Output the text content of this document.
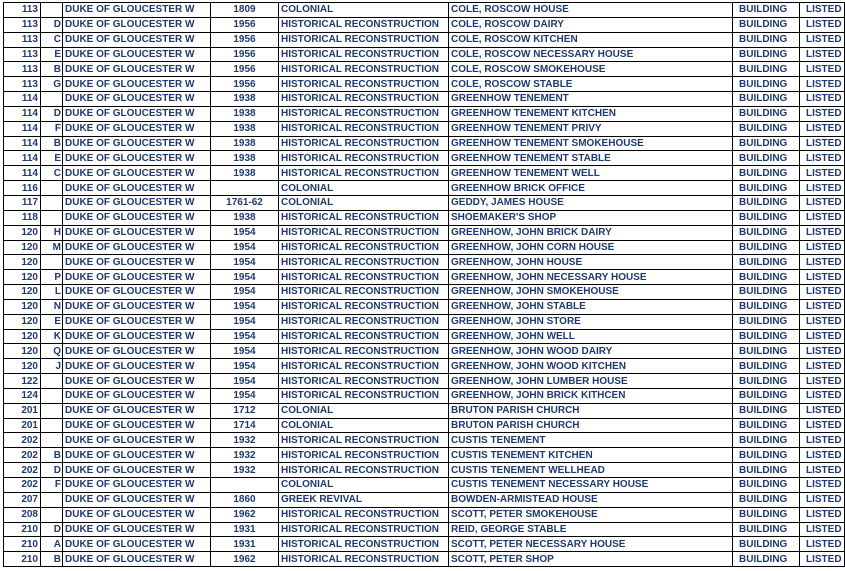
113		DUKE OF GLOUCESTER W	1809	COLONIAL	COLE, ROSCOW HOUSE	BUILDING	LISTED
113	D	DUKE OF GLOUCESTER W	1956	HISTORICAL RECONSTRUCTION	COLE, ROSCOW DAIRY	BUILDING	LISTED
113	C	DUKE OF GLOUCESTER W	1956	HISTORICAL RECONSTRUCTION	COLE, ROSCOW KITCHEN	BUILDING	LISTED
113	E	DUKE OF GLOUCESTER W	1956	HISTORICAL RECONSTRUCTION	COLE, ROSCOW NECESSARY HOUSE	BUILDING	LISTED
113	B	DUKE OF GLOUCESTER W	1956	HISTORICAL RECONSTRUCTION	COLE, ROSCOW SMOKEHOUSE	BUILDING	LISTED
113	G	DUKE OF GLOUCESTER W	1956	HISTORICAL RECONSTRUCTION	COLE, ROSCOW STABLE	BUILDING	LISTED
114		DUKE OF GLOUCESTER W	1938	HISTORICAL RECONSTRUCTION	GREENHOW TENEMENT	BUILDING	LISTED
114	D	DUKE OF GLOUCESTER W	1938	HISTORICAL RECONSTRUCTION	GREENHOW TENEMENT KITCHEN	BUILDING	LISTED
114	F	DUKE OF GLOUCESTER W	1938	HISTORICAL RECONSTRUCTION	GREENHOW TENEMENT PRIVY	BUILDING	LISTED
114	B	DUKE OF GLOUCESTER W	1938	HISTORICAL RECONSTRUCTION	GREENHOW TENEMENT SMOKEHOUSE	BUILDING	LISTED
114	E	DUKE OF GLOUCESTER W	1938	HISTORICAL RECONSTRUCTION	GREENHOW TENEMENT STABLE	BUILDING	LISTED
114	C	DUKE OF GLOUCESTER W	1938	HISTORICAL RECONSTRUCTION	GREENHOW TENEMENT WELL	BUILDING	LISTED
116		DUKE OF GLOUCESTER W		COLONIAL	GREENHOW BRICK OFFICE	BUILDING	LISTED
117		DUKE OF GLOUCESTER W	1761-62	COLONIAL	GEDDY, JAMES HOUSE	BUILDING	LISTED
118		DUKE OF GLOUCESTER W	1938	HISTORICAL RECONSTRUCTION	SHOEMAKER'S SHOP	BUILDING	LISTED
120	H	DUKE OF GLOUCESTER W	1954	HISTORICAL RECONSTRUCTION	GREENHOW, JOHN BRICK DAIRY	BUILDING	LISTED
120	M	DUKE OF GLOUCESTER W	1954	HISTORICAL RECONSTRUCTION	GREENHOW, JOHN CORN HOUSE	BUILDING	LISTED
120		DUKE OF GLOUCESTER W	1954	HISTORICAL RECONSTRUCTION	GREENHOW, JOHN HOUSE	BUILDING	LISTED
120	P	DUKE OF GLOUCESTER W	1954	HISTORICAL RECONSTRUCTION	GREENHOW, JOHN NECESSARY HOUSE	BUILDING	LISTED
120	L	DUKE OF GLOUCESTER W	1954	HISTORICAL RECONSTRUCTION	GREENHOW, JOHN SMOKEHOUSE	BUILDING	LISTED
120	N	DUKE OF GLOUCESTER W	1954	HISTORICAL RECONSTRUCTION	GREENHOW, JOHN STABLE	BUILDING	LISTED
120	E	DUKE OF GLOUCESTER W	1954	HISTORICAL RECONSTRUCTION	GREENHOW, JOHN STORE	BUILDING	LISTED
120	K	DUKE OF GLOUCESTER W	1954	HISTORICAL RECONSTRUCTION	GREENHOW, JOHN WELL	BUILDING	LISTED
120	Q	DUKE OF GLOUCESTER W	1954	HISTORICAL RECONSTRUCTION	GREENHOW, JOHN WOOD DAIRY	BUILDING	LISTED
120	J	DUKE OF GLOUCESTER W	1954	HISTORICAL RECONSTRUCTION	GREENHOW, JOHN WOOD KITCHEN	BUILDING	LISTED
122		DUKE OF GLOUCESTER W	1954	HISTORICAL RECONSTRUCTION	GREENHOW, JOHN LUMBER HOUSE	BUILDING	LISTED
124		DUKE OF GLOUCESTER W	1954	HISTORICAL RECONSTRUCTION	GREENHOW, JOHN BRICK KITHCEN	BUILDING	LISTED
201		DUKE OF GLOUCESTER W	1712	COLONIAL	BRUTON PARISH CHURCH	BUILDING	LISTED
201		DUKE OF GLOUCESTER W	1714	COLONIAL	BRUTON PARISH CHURCH	BUILDING	LISTED
202		DUKE OF GLOUCESTER W	1932	HISTORICAL RECONSTRUCTION	CUSTIS TENEMENT	BUILDING	LISTED
202	B	DUKE OF GLOUCESTER W	1932	HISTORICAL RECONSTRUCTION	CUSTIS TENEMENT KITCHEN	BUILDING	LISTED
202	D	DUKE OF GLOUCESTER W	1932	HISTORICAL RECONSTRUCTION	CUSTIS TENEMENT WELLHEAD	BUILDING	LISTED
202	F	DUKE OF GLOUCESTER W		COLONIAL	CUSTIS TENEMENT NECESSARY HOUSE	BUILDING	LISTED
207		DUKE OF GLOUCESTER W	1860	GREEK REVIVAL	BOWDEN-ARMISTEAD HOUSE	BUILDING	LISTED
208		DUKE OF GLOUCESTER W	1962	HISTORICAL RECONSTRUCTION	SCOTT, PETER SMOKEHOUSE	BUILDING	LISTED
210	D	DUKE OF GLOUCESTER W	1931	HISTORICAL RECONSTRUCTION	REID, GEORGE STABLE	BUILDING	LISTED
210	A	DUKE OF GLOUCESTER W	1931	HISTORICAL RECONSTRUCTION	SCOTT, PETER NECESSARY HOUSE	BUILDING	LISTED
210	B	DUKE OF GLOUCESTER W	1962	HISTORICAL RECONSTRUCTION	SCOTT, PETER SHOP	BUILDING	LISTED
